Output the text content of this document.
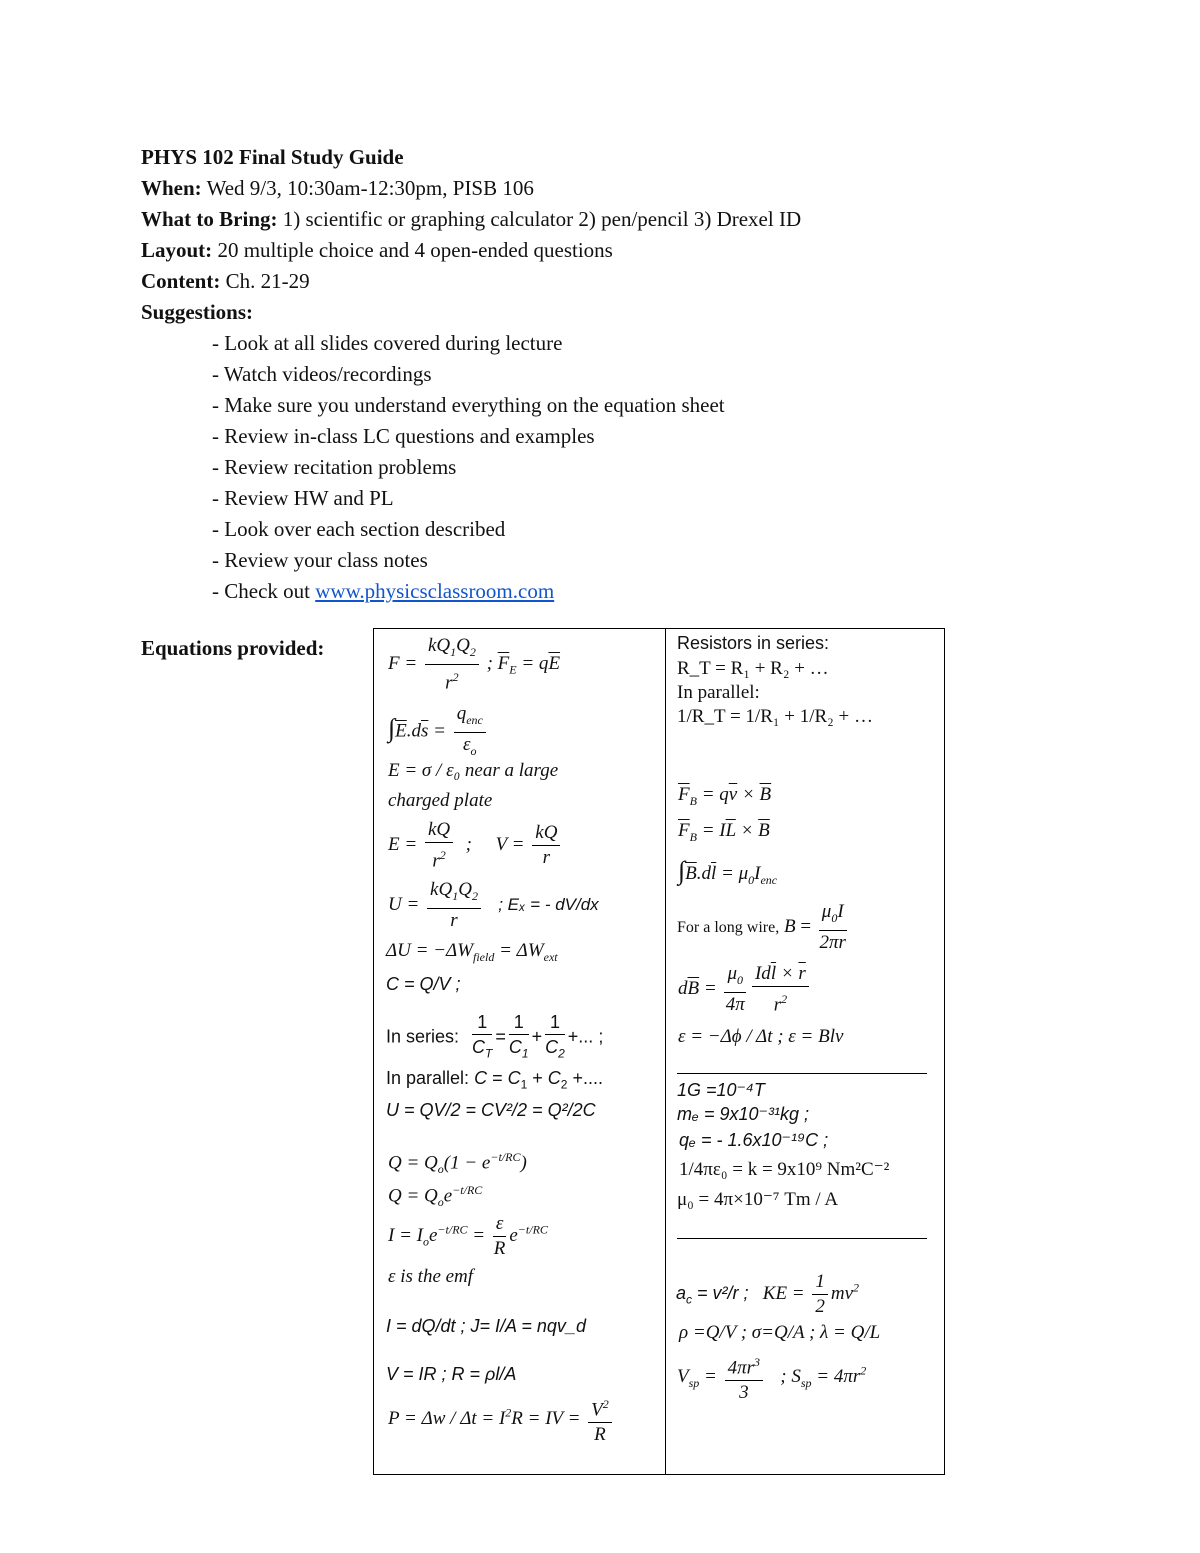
PHYS 102 Final Study Guide
When: Wed 9/3, 10:30am-12:30pm, PISB 106
What to Bring: 1) scientific or graphing calculator 2) pen/pencil 3) Drexel ID
Layout: 20 multiple choice and 4 open-ended questions
Content: Ch. 21-29
Suggestions:
- Look at all slides covered during lecture
- Watch videos/recordings
- Make sure you understand everything on the equation sheet
- Review in-class LC questions and examples
- Review recitation problems
- Review HW and PL
- Look over each section described
- Review your class notes
- Check out www.physicsclassroom.com
Equations provided:
$F = \frac{kQ_1Q_2}{r^2}$ ; $\overline{F}_E = q\overline{E}$
$\int\overline{E}.d\overline{s} = \frac{q_{enc}}{\varepsilon_o}$
E = σ / ε₀ near a large
charged plate
$E = \frac{kQ}{r^2}$ ;     $V = \frac{kQ}{r}$
$U = \frac{kQ_1Q_2}{r}$ ; Eₓ = - dV/dx
$\Delta U = -\Delta W_{field} = \Delta W_{ext}$
C = Q/V ;
In series: $\frac{1}{C_T} = \frac{1}{C_1} + \frac{1}{C_2}$ +... ;
In parallel: $C = C_1 + C_2$ +....
U = QV/2 = CV²/2 = Q²/2C
$Q = Q_o(1 - e^{-t/RC})$
$Q = Q_oe^{-t/RC}$
$I = I_oe^{-t/RC} = \frac{\varepsilon}{R} e^{-t/RC}$
ε is the emf
I = dQ/dt ; J= I/A = nqv_d
V = IR ; R = ρl/A
$P = \Delta w / \Delta t = I^2R$ = IV = $\frac{V^2}{R}$
Resistors in series:
R_T = R₁ + R₂ + …
In parallel:
1/R_T = 1/R₁ + 1/R₂ + …
$\overline{F}_B = q\overline{v} \times \overline{B}$
$\overline{F}_B = I\overline{L} \times \overline{B}$
$\int\overline{B}.d\overline{l} = \mu_0I_{enc}$
For a long wire, $B = \frac{\mu_0I}{2\pi r}$
$d\overline{B} = \frac{\mu_0}{4\pi} \frac{Id\overline{l} \times \overline{r}}{r^2}$
ε = −Δϕ / Δt ; ε = Blv
1G =10⁻⁴T
mₑ = 9x10⁻³¹kg ;
qₑ = - 1.6x10⁻¹⁹C ;
1/4πε₀ = k = 9x10⁹ Nm²C⁻²
μ₀ = 4π×10⁻⁷ Tm / A
$a_c = v^2/r$ ;   KE = $\frac{1}{2} mv^2$
ρ =Q/V ; σ=Q/A ; λ = Q/L
$V_{sp} = \frac{4\pi r^3}{3}$ ; $S_{sp} = 4\pi r^2$
